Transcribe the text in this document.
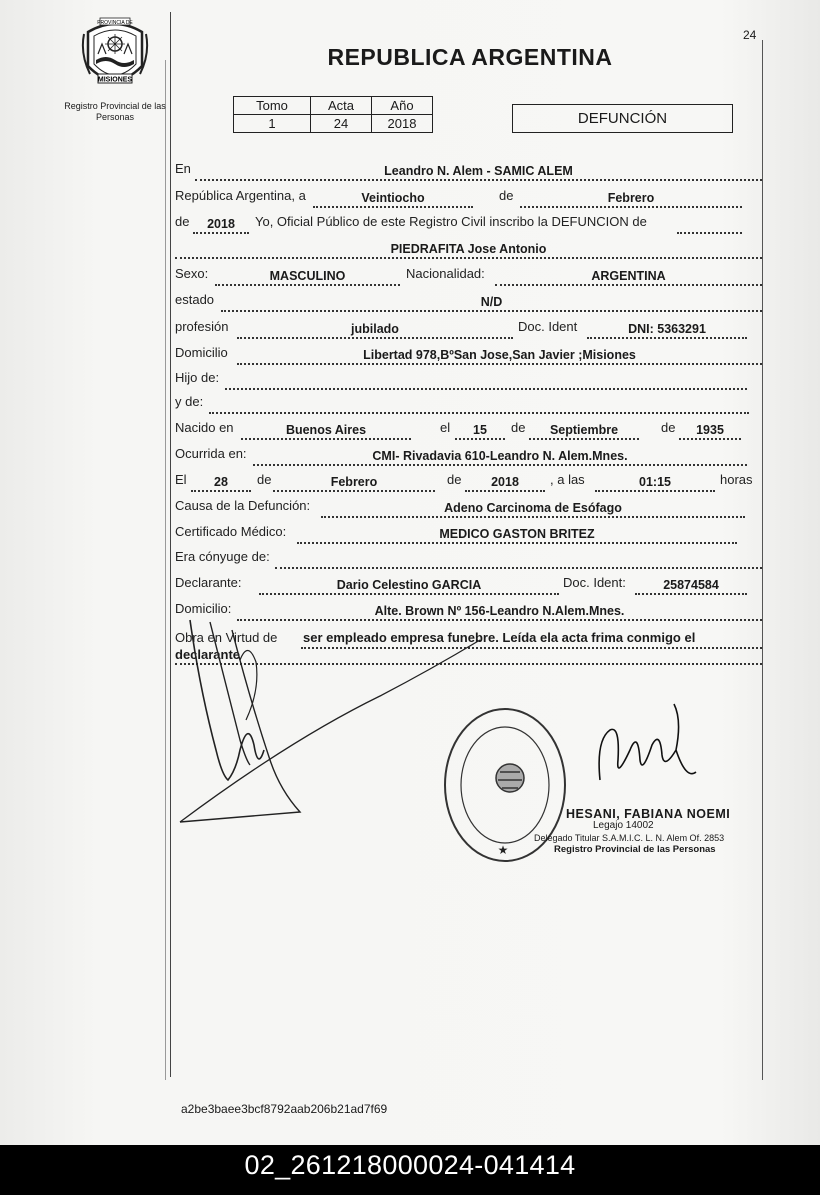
24
PROVINCIA DE
MISIONES
Registro Provincial de las Personas
REPUBLICA ARGENTINA
Tomo	Acta	Año
1	24	2018	DEFUNCIÓN
En	Leandro N. Alem - SAMIC ALEM
República Argentina, a	Veintiocho	de	Febrero
de	2018	Yo, Oficial Público de este Registro Civil inscribo la DEFUNCION de
PIEDRAFITA Jose Antonio
Sexo:	MASCULINO	Nacionalidad:	ARGENTINA
estado	N/D
profesión	jubilado	Doc. Ident	DNI: 5363291
Domicilio	Libertad 978,BºSan Jose,San Javier ;Misiones
Hijo de:
y de:
Nacido en	Buenos Aires	el	15	de	Septiembre	de	1935
Ocurrida en:	CMI- Rivadavia 610-Leandro N. Alem.Mnes.
El	28	de	Febrero	de	2018	, a las	01:15	horas
Causa de la Defunción:	Adeno Carcinoma de Esófago
Certificado Médico:	MEDICO GASTON BRITEZ
Era cónyuge de:
Declarante:	Dario Celestino GARCIA	Doc. Ident:	25874584
Domicilio:	Alte. Brown Nº 156-Leandro N.Alem.Mnes.
Obra en Virtud de ser empleado empresa funebre. Leída ela acta frima conmigo el
declarante
★
HESANI, FABIANA NOEMI
Legajo 14002
Delegado Titular S.A.M.I.C. L. N. Alem Of. 2853
Registro Provincial de las Personas
a2be3baee3bcf8792aab206b21ad7f69
02_261218000024-041414
